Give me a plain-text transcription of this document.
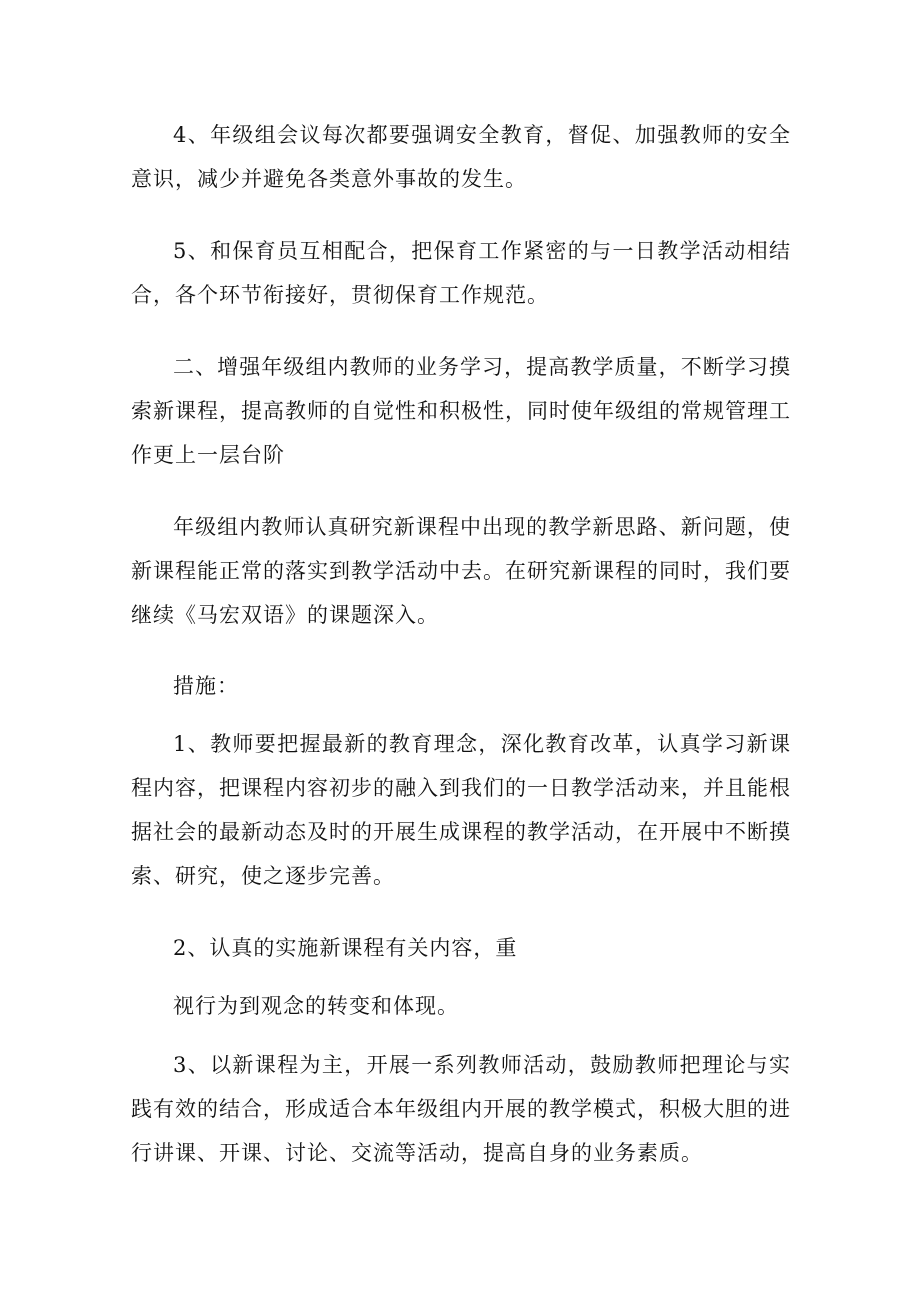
4、年级组会议每次都要强调安全教育，督促、加强教师的安全意识，减少并避免各类意外事故的发生。

5、和保育员互相配合，把保育工作紧密的与一日教学活动相结合，各个环节衔接好，贯彻保育工作规范。

二、增强年级组内教师的业务学习，提高教学质量，不断学习摸索新课程，提高教师的自觉性和积极性，同时使年级组的常规管理工作更上一层台阶

年级组内教师认真研究新课程中出现的教学新思路、新问题，使新课程能正常的落实到教学活动中去。在研究新课程的同时，我们要继续《马宏双语》的课题深入。

措施：

1、教师要把握最新的教育理念，深化教育改革，认真学习新课程内容，把课程内容初步的融入到我们的一日教学活动来，并且能根据社会的最新动态及时的开展生成课程的教学活动，在开展中不断摸索、研究，使之逐步完善。

2、认真的实施新课程有关内容，重

视行为到观念的转变和体现。

3、以新课程为主，开展一系列教师活动，鼓励教师把理论与实践有效的结合，形成适合本年级组内开展的教学模式，积极大胆的进行讲课、开课、讨论、交流等活动，提高自身的业务素质。
